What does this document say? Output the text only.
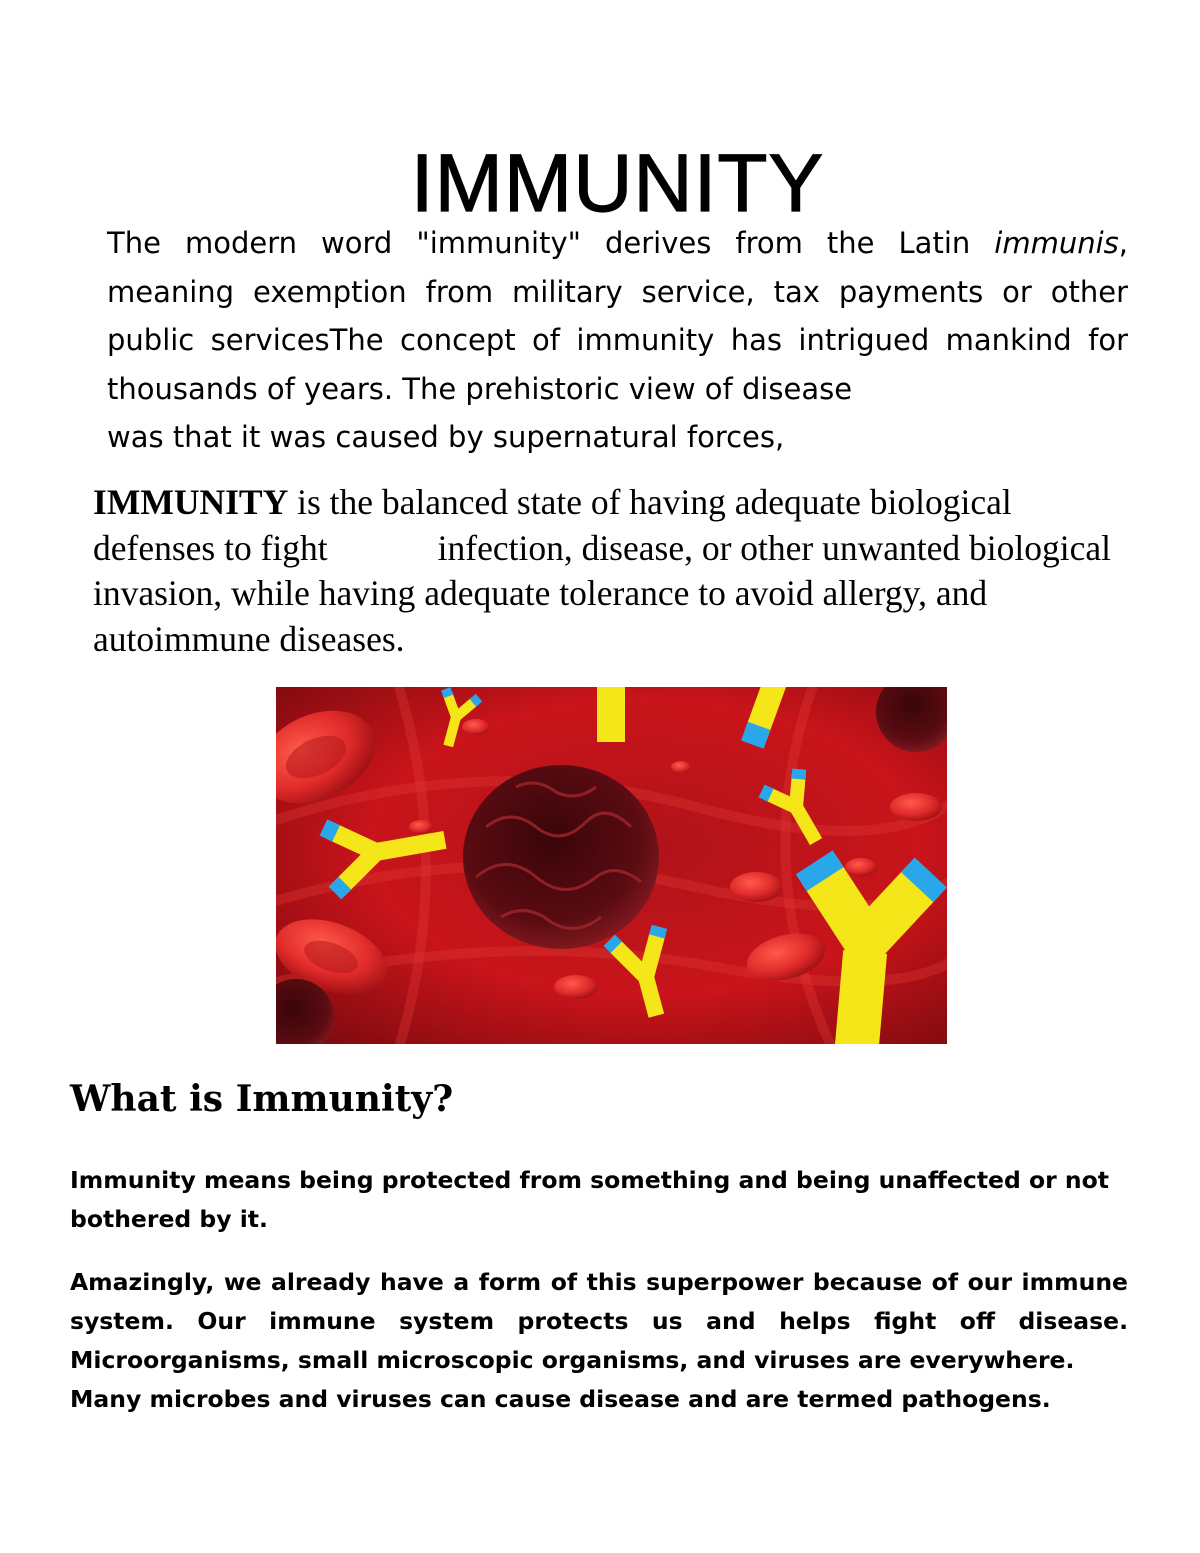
IMMUNITY

The modern word "immunity" derives from the Latin immunis, meaning exemption from military service, tax payments or other public servicesThe concept of immunity has intrigued mankind for thousands of years. The prehistoric view of disease
was that it was caused by supernatural forces,

IMMUNITY is the balanced state of having adequate biological defenses to fight	infection, disease, or other unwanted biological invasion, while having adequate tolerance to avoid allergy, and autoimmune diseases.

What is Immunity?

Immunity means being protected from something and being unaffected or not
bothered by it.

Amazingly, we already have a form of this superpower because of our immune system. Our immune system protects us and helps fight off disease. Microorganisms, small microscopic organisms, and viruses are everywhere.
Many microbes and viruses can cause disease and are termed pathogens.
